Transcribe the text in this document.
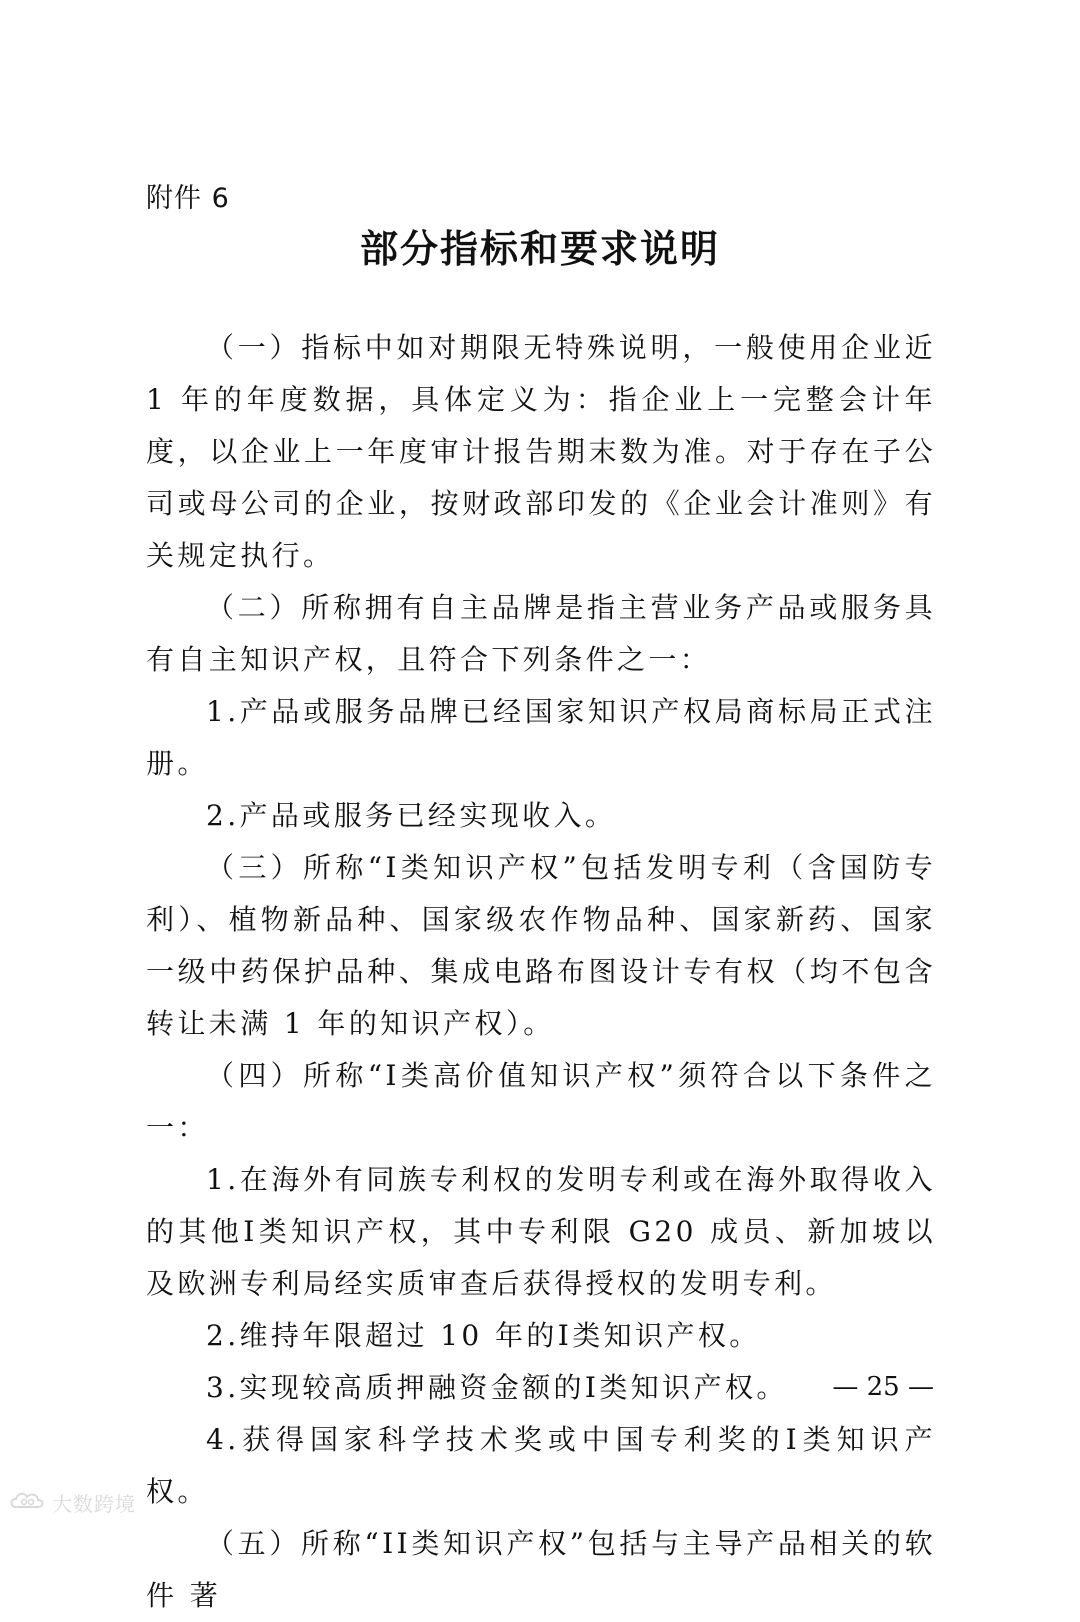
附件 6
部分指标和要求说明

（一）指标中如对期限无特殊说明，一般使用企业近 1 年的年度数据，具体定义为：指企业上一完整会计年度，以企业上一年度审计报告期末数为准。对于存在子公司或母公司的企业，按财政部印发的《企业会计准则》有关规定执行。

（二）所称拥有自主品牌是指主营业务产品或服务具有自主知识产权，且符合下列条件之一：

1.产品或服务品牌已经国家知识产权局商标局正式注册。

2.产品或服务已经实现收入。

（三）所称“I类知识产权”包括发明专利（含国防专利）、植物新品种、国家级农作物品种、国家新药、国家一级中药保护品种、集成电路布图设计专有权（均不包含转让未满 1 年的知识产权）。

（四）所称“I类高价值知识产权”须符合以下条件之一：

1.在海外有同族专利权的发明专利或在海外取得收入的其他I类知识产权，其中专利限 G20 成员、新加坡以及欧洲专利局经实质审查后获得授权的发明专利。

2.维持年限超过 10 年的I类知识产权。

3.实现较高质押融资金额的I类知识产权。

4.获得国家科学技术奖或中国专利奖的I类知识产权。

（五）所称“II类知识产权”包括与主导产品相关的软件 著

— 25 —
大数跨境
